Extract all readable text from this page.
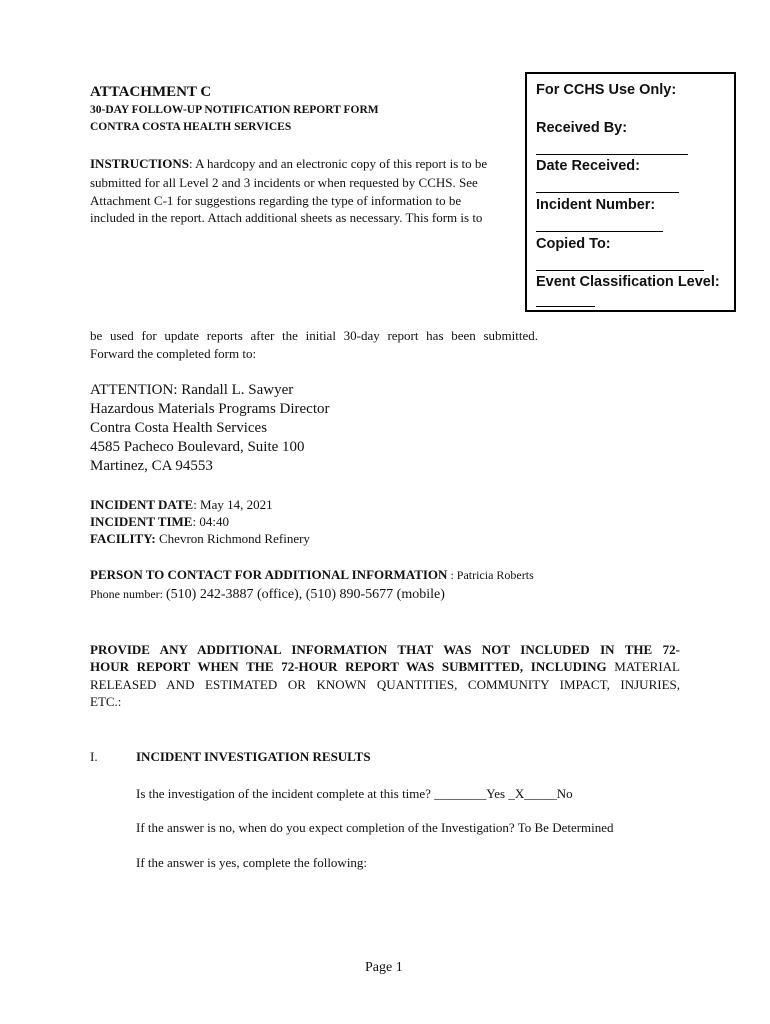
ATTACHMENT C
30-DAY FOLLOW-UP NOTIFICATION REPORT FORM
CONTRA COSTA HEALTH SERVICES
INSTRUCTIONS: A hardcopy and an electronic copy of this report is to be
submitted for all Level 2 and 3 incidents or when requested by CCHS. See
Attachment C-1 for suggestions regarding the type of information to be
included in the report. Attach additional sheets as necessary. This form is to
For CCHS Use Only:
Received By:
Date Received:
Incident Number:
Copied To:
Event Classification Level:
be used for update reports after the initial 30-day report has been submitted.
Forward the completed form to:
ATTENTION: Randall L. Sawyer
Hazardous Materials Programs Director
Contra Costa Health Services
4585 Pacheco Boulevard, Suite 100
Martinez, CA 94553
INCIDENT DATE: May 14, 2021
INCIDENT TIME: 04:40
FACILITY: Chevron Richmond Refinery
PERSON TO CONTACT FOR ADDITIONAL INFORMATION : Patricia Roberts
Phone number: (510) 242-3887 (office), (510) 890-5677 (mobile)
PROVIDE ANY ADDITIONAL INFORMATION THAT WAS NOT INCLUDED IN THE 72-
HOUR REPORT WHEN THE 72-HOUR REPORT WAS SUBMITTED, INCLUDING MATERIAL
RELEASED AND ESTIMATED OR KNOWN QUANTITIES, COMMUNITY IMPACT, INJURIES,
ETC.:
I.	INCIDENT INVESTIGATION RESULTS
Is the investigation of the incident complete at this time? ________Yes _X_____No
If the answer is no, when do you expect completion of the Investigation? To Be Determined
If the answer is yes, complete the following:
Page 1
